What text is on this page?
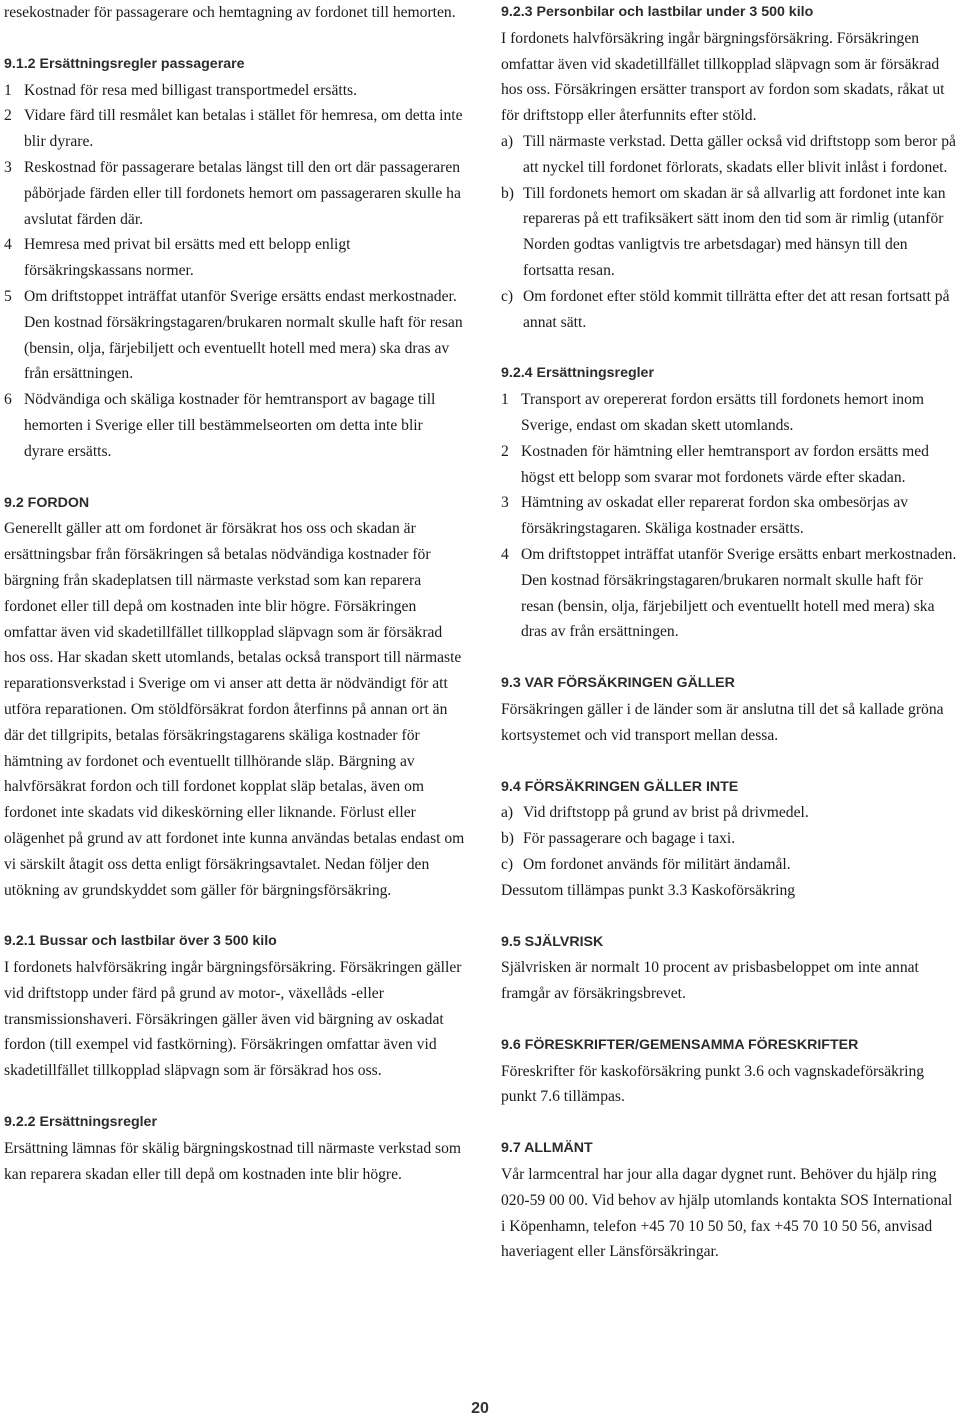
resekostnader för passagerare och hemtagning av fordonet till hemorten.

9.1.2 Ersättningsregler passagerare
1 Kostnad för resa med billigast transportmedel ersätts.
2 Vidare färd till resmålet kan betalas i stället för hemresa, om detta inte blir dyrare.
3 Reskostnad för passagerare betalas längst till den ort där passageraren påbörjade färden eller till fordonets hemort om passageraren skulle ha avslutat färden där.
4 Hemresa med privat bil ersätts med ett belopp enligt försäkringskassans normer.
5 Om driftstoppet inträffat utanför Sverige ersätts endast merkostnader. Den kostnad försäkringstagaren/brukaren normalt skulle haft för resan (bensin, olja, färjebiljett och eventuellt hotell med mera) ska dras av från ersättningen.
6 Nödvändiga och skäliga kostnader för hemtransport av bagage till hemorten i Sverige eller till bestämmelseorten om detta inte blir dyrare ersätts.
9.2 FORDON

Generellt gäller att om fordonet är försäkrat hos oss och skadan är ersättningsbar från försäkringen så betalas nödvändiga kostnader för bärgning från skadeplatsen till närmaste verkstad som kan reparera fordonet eller till depå om kostnaden inte blir högre. Försäkringen omfattar även vid skadetillfället tillkopplad släpvagn som är försäkrad hos oss. Har skadan skett utomlands, betalas också transport till närmaste reparationsverkstad i Sverige om vi anser att detta är nödvändigt för att utföra reparationen. Om stöldförsäkrat fordon återfinns på annan ort än där det tillgripits, betalas försäkringstagarens skäliga kostnader för hämtning av fordonet och eventuellt tillhörande släp. Bärgning av halvförsäkrat fordon och till fordonet kopplat släp betalas, även om fordonet inte skadats vid dikeskörning eller liknande. Förlust eller olägenhet på grund av att fordonet inte kunna användas betalas endast om vi särskilt åtagit oss detta enligt försäkringsavtalet. Nedan följer den utökning av grundskyddet som gäller för bärgningsförsäkring.

9.2.1 Bussar och lastbilar över 3 500 kilo

I fordonets halvförsäkring ingår bärgningsförsäkring. Försäkringen gäller vid driftstopp under färd på grund av motor-, växellåds -eller transmissionshaveri. Försäkringen gäller även vid bärgning av oskadat fordon (till exempel vid fastkörning). Försäkringen omfattar även vid skadetillfället tillkopplad släpvagn som är försäkrad hos oss.

9.2.2 Ersättningsregler

Ersättning lämnas för skälig bärgningskostnad till närmaste verkstad som kan reparera skadan eller till depå om kostnaden inte blir högre.

9.2.3 Personbilar och lastbilar under 3 500 kilo

I fordonets halvförsäkring ingår bärgningsförsäkring. Försäkringen omfattar även vid skadetillfället tillkopplad släpvagn som är försäkrad hos oss. Försäkringen ersätter transport av fordon som skadats, råkat ut för driftstopp eller återfunnits efter stöld.

a) Till närmaste verkstad. Detta gäller också vid driftstopp som beror på att nyckel till fordonet förlorats, skadats eller blivit inlåst i fordonet.
b) Till fordonets hemort om skadan är så allvarlig att fordonet inte kan repareras på ett trafiksäkert sätt inom den tid som är rimlig (utanför Norden godtas vanligtvis tre arbetsdagar) med hänsyn till den fortsatta resan.
c) Om fordonet efter stöld kommit tillrätta efter det att resan fortsatt på annat sätt.
9.2.4 Ersättningsregler
1 Transport av orepererat fordon ersätts till fordonets hemort inom Sverige, endast om skadan skett utomlands.
2 Kostnaden för hämtning eller hemtransport av fordon ersätts med högst ett belopp som svarar mot fordonets värde efter skadan.
3 Hämtning av oskadat eller reparerat fordon ska ombesörjas av försäkringstagaren. Skäliga kostnader ersätts.
4 Om driftstoppet inträffat utanför Sverige ersätts enbart merkostnaden. Den kostnad försäkringstagaren/brukaren normalt skulle haft för resan (bensin, olja, färjebiljett och eventuellt hotell med mera) ska dras av från ersättningen.
9.3 VAR FÖRSÄKRINGEN GÄLLER

Försäkringen gäller i de länder som är anslutna till det så kallade gröna kortsystemet och vid transport mellan dessa.

9.4 FÖRSÄKRINGEN GÄLLER INTE
a) Vid driftstopp på grund av brist på drivmedel.
b) För passagerare och bagage i taxi.
c) Om fordonet används för militärt ändamål.

Dessutom tillämpas punkt 3.3 Kaskoförsäkring

9.5 SJÄLVRISK

Självrisken är normalt 10 procent av prisbasbeloppet om inte annat framgår av försäkringsbrevet.

9.6 FÖRESKRIFTER/GEMENSAMMA FÖRESKRIFTER

Föreskrifter för kaskoförsäkring punkt 3.6 och vagnskadeförsäkring punkt 7.6 tillämpas.

9.7 ALLMÄNT

Vår larmcentral har jour alla dagar dygnet runt. Behöver du hjälp ring 020-59 00 00. Vid behov av hjälp utomlands kontakta SOS International i Köpenhamn, telefon +45 70 10 50 50, fax +45 70 10 50 56, anvisad haveriagent eller Länsförsäkringar.

20
